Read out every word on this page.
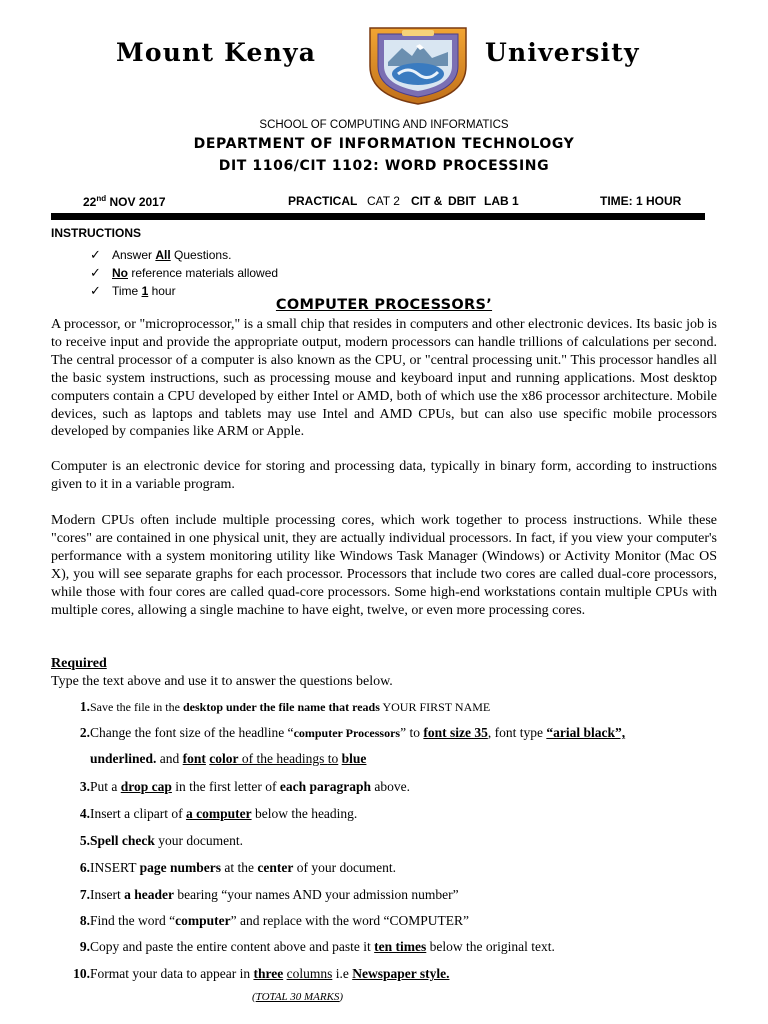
Mount Kenya	University
SCHOOL OF COMPUTING AND INFORMATICS
DEPARTMENT OF INFORMATION TECHNOLOGY
DIT 1106/CIT 1102: WORD PROCESSING
22nd NOV 2017	PRACTICAL CAT 2 CIT & DBIT LAB 1	TIME: 1 HOUR
INSTRUCTIONS
✓ Answer All Questions.
✓ No reference materials allowed
✓ Time 1 hour
COMPUTER PROCESSORS’
A processor, or "microprocessor," is a small chip that resides in computers and other electronic devices. Its basic job is to receive input and provide the appropriate output, modern processors can handle trillions of calculations per second. The central processor of a computer is also known as the CPU, or "central processing unit." This processor handles all the basic system instructions, such as processing mouse and keyboard input and running applications. Most desktop computers contain a CPU developed by either Intel or AMD, both of which use the x86 processor architecture. Mobile devices, such as laptops and tablets may use Intel and AMD CPUs, but can also use specific mobile processors developed by companies like ARM or Apple.
Computer is an electronic device for storing and processing data, typically in binary form, according to instructions given to it in a variable program.
Modern CPUs often include multiple processing cores, which work together to process instructions. While these "cores" are contained in one physical unit, they are actually individual processors. In fact, if you view your computer's performance with a system monitoring utility like Windows Task Manager (Windows) or Activity Monitor (Mac OS X), you will see separate graphs for each processor. Processors that include two cores are called dual-core processors, while those with four cores are called quad-core processors. Some high-end workstations contain multiple CPUs with multiple cores, allowing a single machine to have eight, twelve, or even more processing cores.
Required
Type the text above and use it to answer the questions below.
1. Save the file in the desktop under the file name that reads YOUR FIRST NAME
2. Change the font size of the headline “computer Processors” to font size 35, font type “arial black”,
underlined. and font color of the headings to blue
3. Put a drop cap in the first letter of each paragraph above.
4. Insert a clipart of a computer below the heading.
5. Spell check your document.
6. INSERT page numbers at the center of your document.
7. Insert a header bearing “your names AND your admission number”
8. Find the word “computer” and replace with the word “COMPUTER”
9. Copy and paste the entire content above and paste it ten times below the original text.
10. Format your data to appear in three columns i.e Newspaper style.
(TOTAL 30 MARKS)
